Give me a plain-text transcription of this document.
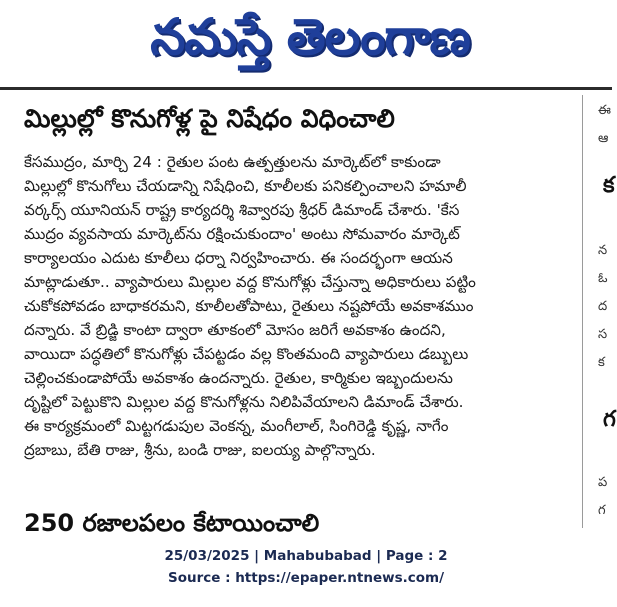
నమస్తే తెలంగాణ
మిల్లుల్లో కొనుగోళ్ల పై నిషేధం విధించాలి
కేసముద్రం, మార్చి 24 : రైతుల పంట ఉత్పత్తులను మార్కెట్‌లో కాకుండా
మిల్లుల్లో కొనుగోలు చేయడాన్ని నిషేధించి, కూలీలకు పనికల్పించాలని హమాలీ
వర్కర్స్ యూనియన్ రాష్ట్ర కార్యదర్శి శివ్వారపు శ్రీధర్ డిమాండ్ చేశారు. 'కేస
ముద్రం వ్యవసాయ మార్కెట్‌ను రక్షించుకుందాం' అంటు సోమవారం మార్కెట్
కార్యాలయం ఎదుట కూలీలు ధర్నా నిర్వహించారు. ఈ సందర్భంగా ఆయన
మాట్లాడుతూ.. వ్యాపారులు మిల్లుల వద్ద కొనుగోళ్లు చేస్తున్నా అధికారులు పట్టిం
చుకోకపోవడం బాధాకరమని, కూలీలతోపాటు, రైతులు నష్టపోయే అవకాశముం
దన్నారు. వే బ్రిడ్జి కాంటా ద్వారా తూకంలో మోసం జరిగే అవకాశం ఉందని,
వాయిదా పద్ధతిలో కొనుగోళ్లు చేపట్టడం వల్ల కొంతమంది వ్యాపారులు డబ్బులు
చెల్లించకుండాపోయే అవకాశం ఉందన్నారు. రైతుల, కార్మికుల ఇబ్బందులను
దృష్టిలో పెట్టుకొని మిల్లుల వద్ద కొనుగోళ్లను నిలిపివేయాలని డిమాండ్ చేశారు.
ఈ కార్యక్రమంలో మిట్టగడుపుల వెంకన్న, మంగీలాల్, సింగిరెడ్డి కృష్ణ, నాగేం
ద్రబాబు, బేతి రాజు, శ్రీను, బండి రాజు, ఐలయ్య పాల్గొన్నారు.
250 రజాలపలం కేటాయించాలి
ఈ
ఆ
క
న
ఓ
ద
స
క
గ
ప
గ
25/03/2025 | Mahabubabad | Page : 2
Source : https://epaper.ntnews.com/
